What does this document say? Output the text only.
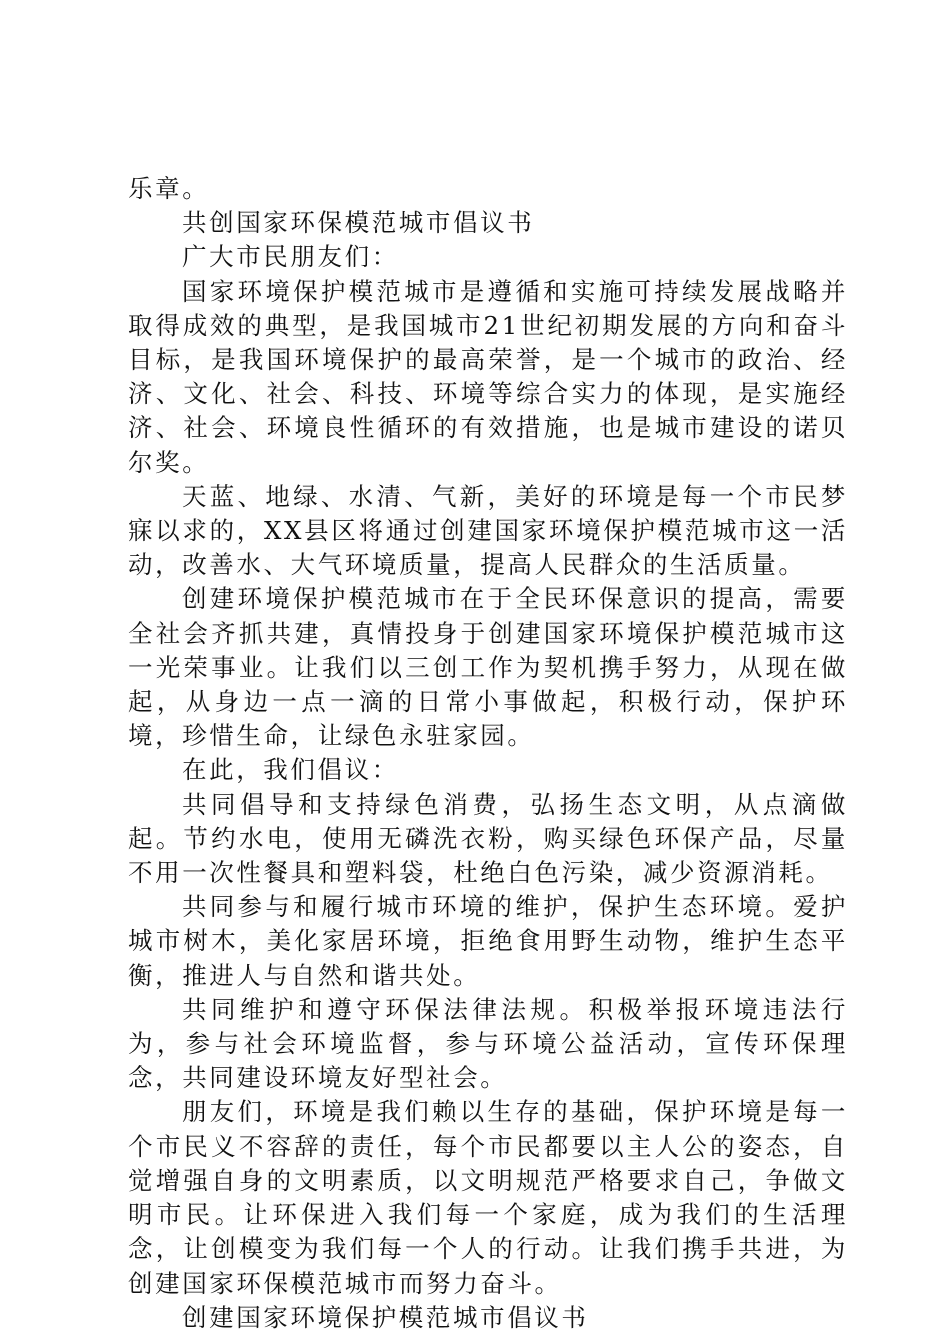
乐章。

共创国家环保模范城市倡议书

广大市民朋友们：

国家环境保护模范城市是遵循和实施可持续发展战略并取得成效的典型，是我国城市21世纪初期发展的方向和奋斗目标，是我国环境保护的最高荣誉，是一个城市的政治、经济、文化、社会、科技、环境等综合实力的体现，是实施经济、社会、环境良性循环的有效措施，也是城市建设的诺贝尔奖。

天蓝、地绿、水清、气新，美好的环境是每一个市民梦寐以求的，XX县区将通过创建国家环境保护模范城市这一活动，改善水、大气环境质量，提高人民群众的生活质量。

创建环境保护模范城市在于全民环保意识的提高，需要全社会齐抓共建，真情投身于创建国家环境保护模范城市这一光荣事业。让我们以三创工作为契机携手努力，从现在做起，从身边一点一滴的日常小事做起，积极行动，保护环境，珍惜生命，让绿色永驻家园。

在此，我们倡议：

共同倡导和支持绿色消费，弘扬生态文明，从点滴做起。节约水电，使用无磷洗衣粉，购买绿色环保产品，尽量不用一次性餐具和塑料袋，杜绝白色污染，减少资源消耗。

共同参与和履行城市环境的维护，保护生态环境。爱护城市树木，美化家居环境，拒绝食用野生动物，维护生态平衡，推进人与自然和谐共处。

共同维护和遵守环保法律法规。积极举报环境违法行为，参与社会环境监督，参与环境公益活动，宣传环保理念，共同建设环境友好型社会。

朋友们，环境是我们赖以生存的基础，保护环境是每一个市民义不容辞的责任，每个市民都要以主人公的姿态，自觉增强自身的文明素质，以文明规范严格要求自己，争做文明市民。让环保进入我们每一个家庭，成为我们的生活理念，让创模变为我们每一个人的行动。让我们携手共进，为创建国家环保模范城市而努力奋斗。

创建国家环境保护模范城市倡议书
